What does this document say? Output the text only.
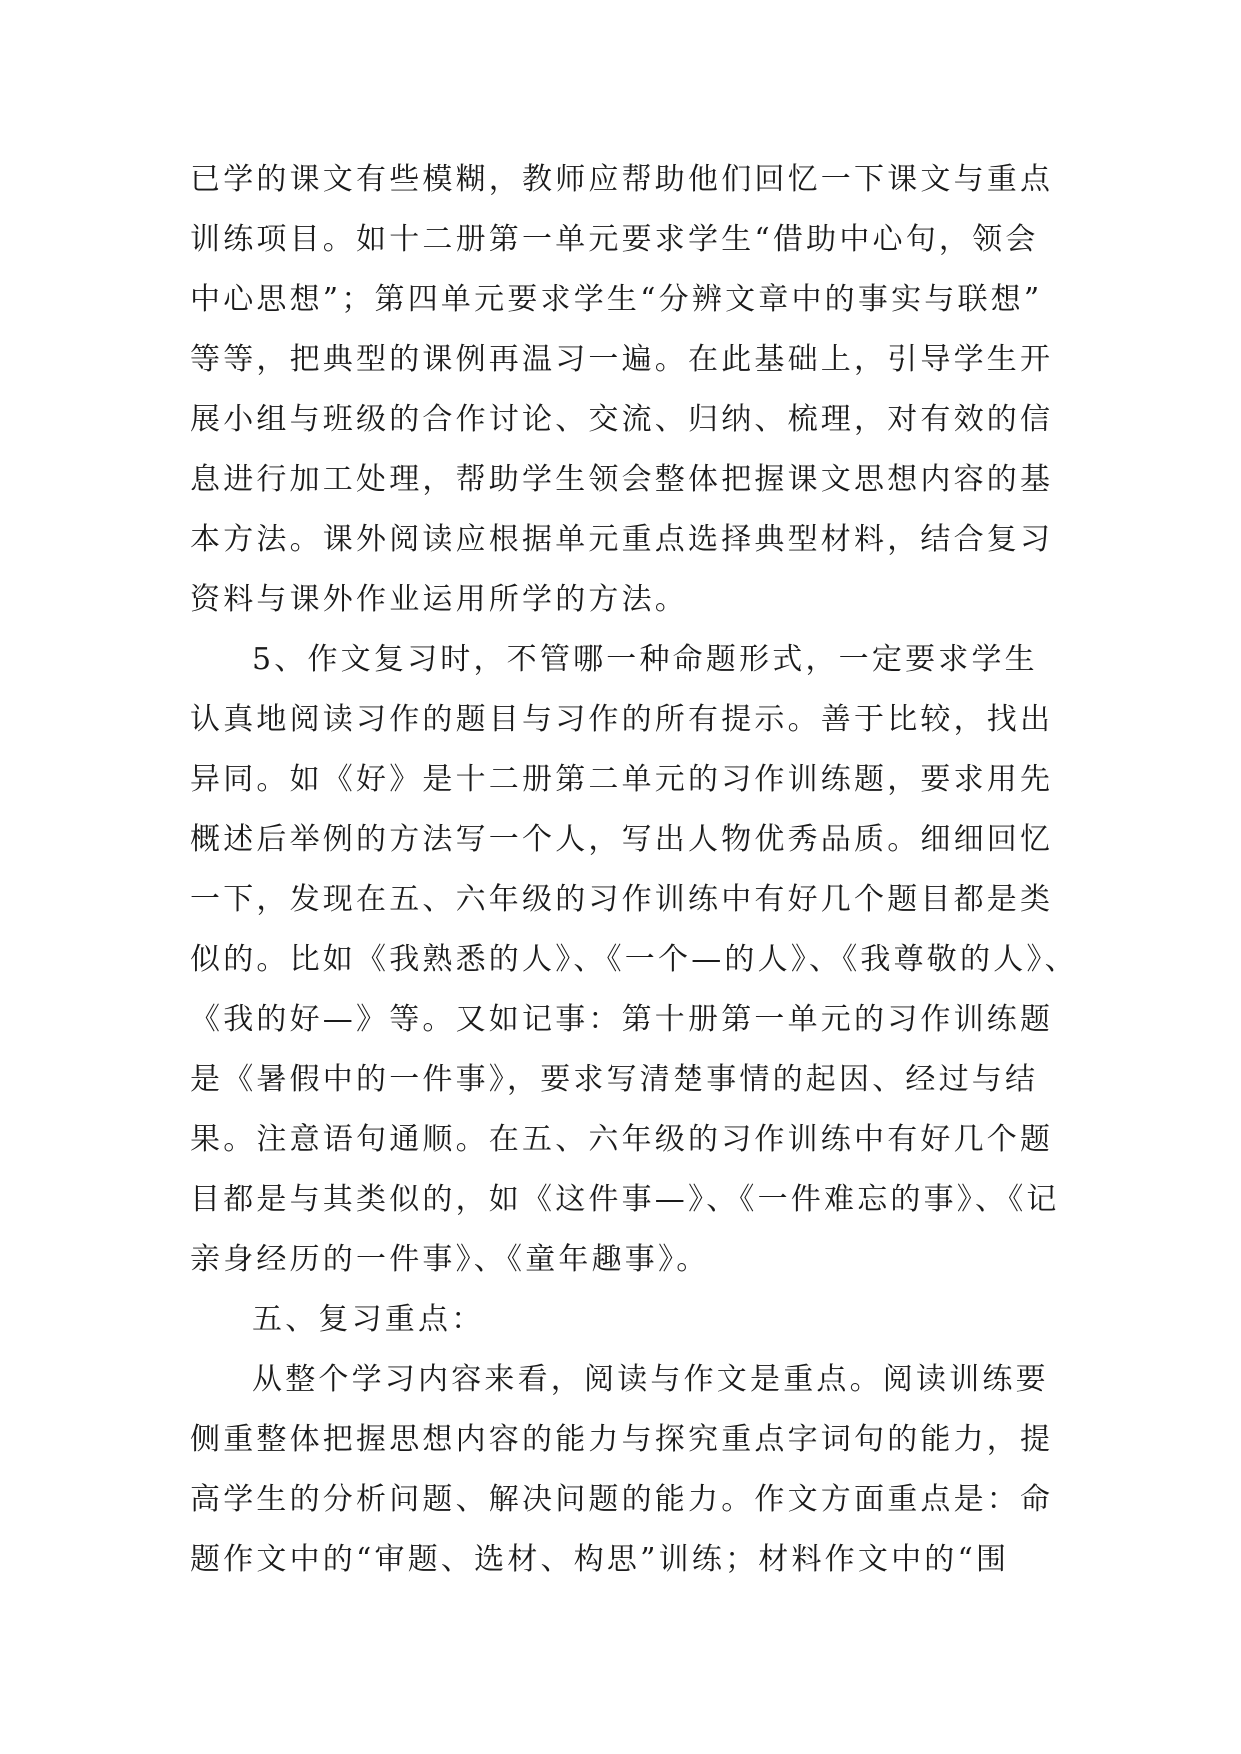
已学的课文有些模糊，教师应帮助他们回忆一下课文与重点
训练项目。如十二册第一单元要求学生“借助中心句，领会
中心思想”；第四单元要求学生“分辨文章中的事实与联想”
等等，把典型的课例再温习一遍。在此基础上，引导学生开
展小组与班级的合作讨论、交流、归纳、梳理，对有效的信
息进行加工处理，帮助学生领会整体把握课文思想内容的基
本方法。课外阅读应根据单元重点选择典型材料，结合复习
资料与课外作业运用所学的方法。
5、作文复习时，不管哪一种命题形式，一定要求学生
认真地阅读习作的题目与习作的所有提示。善于比较，找出
异同。如《好》是十二册第二单元的习作训练题，要求用先
概述后举例的方法写一个人，写出人物优秀品质。细细回忆
一下，发现在五、六年级的习作训练中有好几个题目都是类
似的。比如《我熟悉的人》、《一个—的人》、《我尊敬的人》、
《我的好—》等。又如记事：第十册第一单元的习作训练题
是《暑假中的一件事》，要求写清楚事情的起因、经过与结
果。注意语句通顺。在五、六年级的习作训练中有好几个题
目都是与其类似的，如《这件事—》、《一件难忘的事》、《记
亲身经历的一件事》、《童年趣事》。
五、复习重点：
从整个学习内容来看，阅读与作文是重点。阅读训练要
侧重整体把握思想内容的能力与探究重点字词句的能力，提
高学生的分析问题、解决问题的能力。作文方面重点是：命
题作文中的“审题、选材、构思”训练；材料作文中的“围
